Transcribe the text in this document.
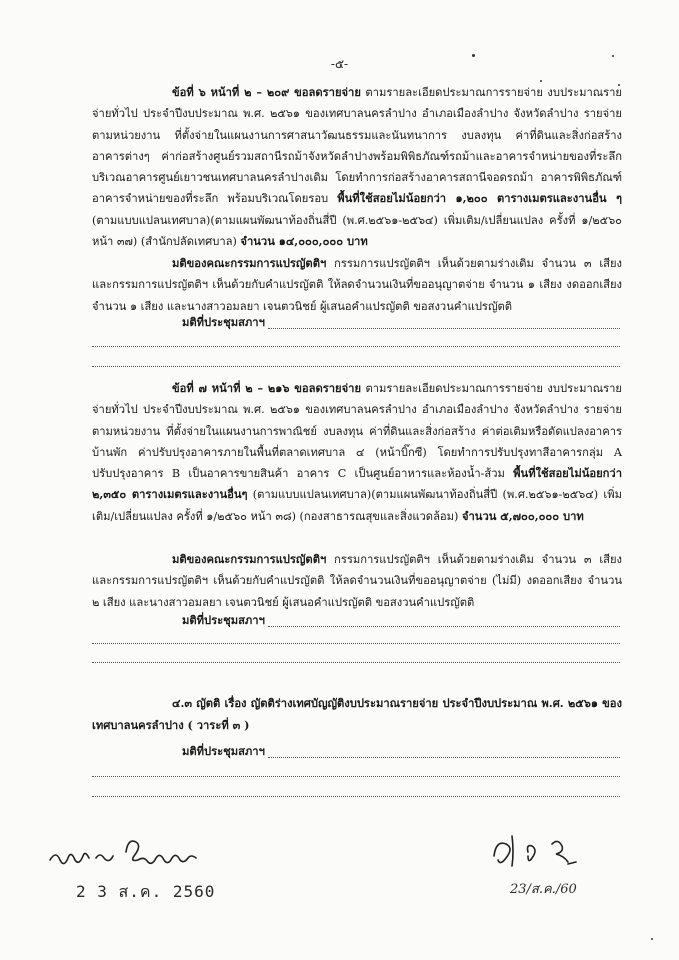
-๕-

ข้อที่ ๖ หน้าที่ ๒ – ๒๐๙ ขอลดรายจ่าย ตามรายละเอียดประมาณการรายจ่าย งบประมาณรายจ่ายทั่วไป ประจำปีงบประมาณ พ.ศ. ๒๕๖๑ ของเทศบาลนครลำปาง อำเภอเมืองลำปาง จังหวัดลำปาง รายจ่ายตามหน่วยงาน ที่ตั้งจ่ายในแผนงานการศาสนาวัฒนธรรมและนันทนาการ งบลงทุน ค่าที่ดินและสิ่งก่อสร้าง อาคารต่างๆ ค่าก่อสร้างศูนย์รวมสถานีรถม้าจังหวัดลำปางพร้อมพิพิธภัณฑ์รถม้าและอาคารจำหน่ายของที่ระลึกบริเวณอาคารศูนย์เยาวชนเทศบาลนครลำปางเดิม โดยทำการก่อสร้างอาคารสถานีจอดรถม้า อาคารพิพิธภัณฑ์ อาคารจำหน่ายของที่ระลึก พร้อมบริเวณโดยรอบ พื้นที่ใช้สอยไม่น้อยกว่า ๑,๒๐๐ ตารางเมตรและงานอื่น ๆ (ตามแบบแปลนเทศบาล)(ตามแผนพัฒนาท้องถิ่นสี่ปี (พ.ศ.๒๕๖๑-๒๕๖๔) เพิ่มเติม/เปลี่ยนแปลง ครั้งที่ ๑/๒๕๖๐ หน้า ๓๗) (สำนักปลัดเทศบาล) จำนวน ๑๔,๐๐๐,๐๐๐ บาท

มติของคณะกรรมการแปรญัตติฯ กรรมการแปรญัตติฯ เห็นด้วยตามร่างเดิม จำนวน ๓ เสียง และกรรมการแปรญัตติฯ เห็นด้วยกับคำแปรญัตติ ให้ลดจำนวนเงินที่ขออนุญาตจ่าย จำนวน ๑ เสียง งดออกเสียงจำนวน ๑ เสียง และนางสาวอมลยา เจนตวนิชย์ ผู้เสนอคำแปรญัตติ ขอสงวนคำแปรญัตติ

มติที่ประชุมสภาฯ

ข้อที่ ๗ หน้าที่ ๒ – ๒๑๖ ขอลดรายจ่าย ตามรายละเอียดประมาณการรายจ่าย งบประมาณรายจ่ายทั่วไป ประจำปีงบประมาณ พ.ศ. ๒๕๖๑ ของเทศบาลนครลำปาง อำเภอเมืองลำปาง จังหวัดลำปาง รายจ่ายตามหน่วยงาน ที่ตั้งจ่ายในแผนงานการพาณิชย์ งบลงทุน ค่าที่ดินและสิ่งก่อสร้าง ค่าต่อเติมหรือดัดแปลงอาคารบ้านพัก ค่าปรับปรุงอาคารภายในพื้นที่ตลาดเทศบาล ๔ (หน้าบิ๊กซี) โดยทำการปรับปรุงทาสีอาคารกลุ่ม A ปรับปรุงอาคาร B เป็นอาคารขายสินค้า อาคาร C เป็นศูนย์อาหารและห้องน้ำ-ส้วม พื้นที่ใช้สอยไม่น้อยกว่า ๒,๓๕๐ ตารางเมตรและงานอื่นๆ (ตามแบบแปลนเทศบาล)(ตามแผนพัฒนาท้องถิ่นสี่ปี (พ.ศ.๒๕๖๑-๒๕๖๔) เพิ่มเติม/เปลี่ยนแปลง ครั้งที่ ๑/๒๕๖๐ หน้า ๓๘) (กองสาธารณสุขและสิ่งแวดล้อม) จำนวน ๕,๗๐๐,๐๐๐ บาท

มติของคณะกรรมการแปรญัตติฯ กรรมการแปรญัตติฯ เห็นด้วยตามร่างเดิม จำนวน ๓ เสียง และกรรมการแปรญัตติฯ เห็นด้วยกับคำแปรญัตติ ให้ลดจำนวนเงินที่ขออนุญาตจ่าย (ไม่มี) งดออกเสียง จำนวน ๒ เสียง และนางสาวอมลยา เจนตวนิชย์ ผู้เสนอคำแปรญัตติ ขอสงวนคำแปรญัตติ

มติที่ประชุมสภาฯ

๔.๓ ญัตติ เรื่อง ญัตติร่างเทศบัญญัติงบประมาณรายจ่าย ประจำปีงบประมาณ พ.ศ. ๒๕๖๑ ของเทศบาลนครลำปาง ( วาระที่ ๓ )

มติที่ประชุมสภาฯ
2 3 ส.ค. 2560	23/ส.ค./60
